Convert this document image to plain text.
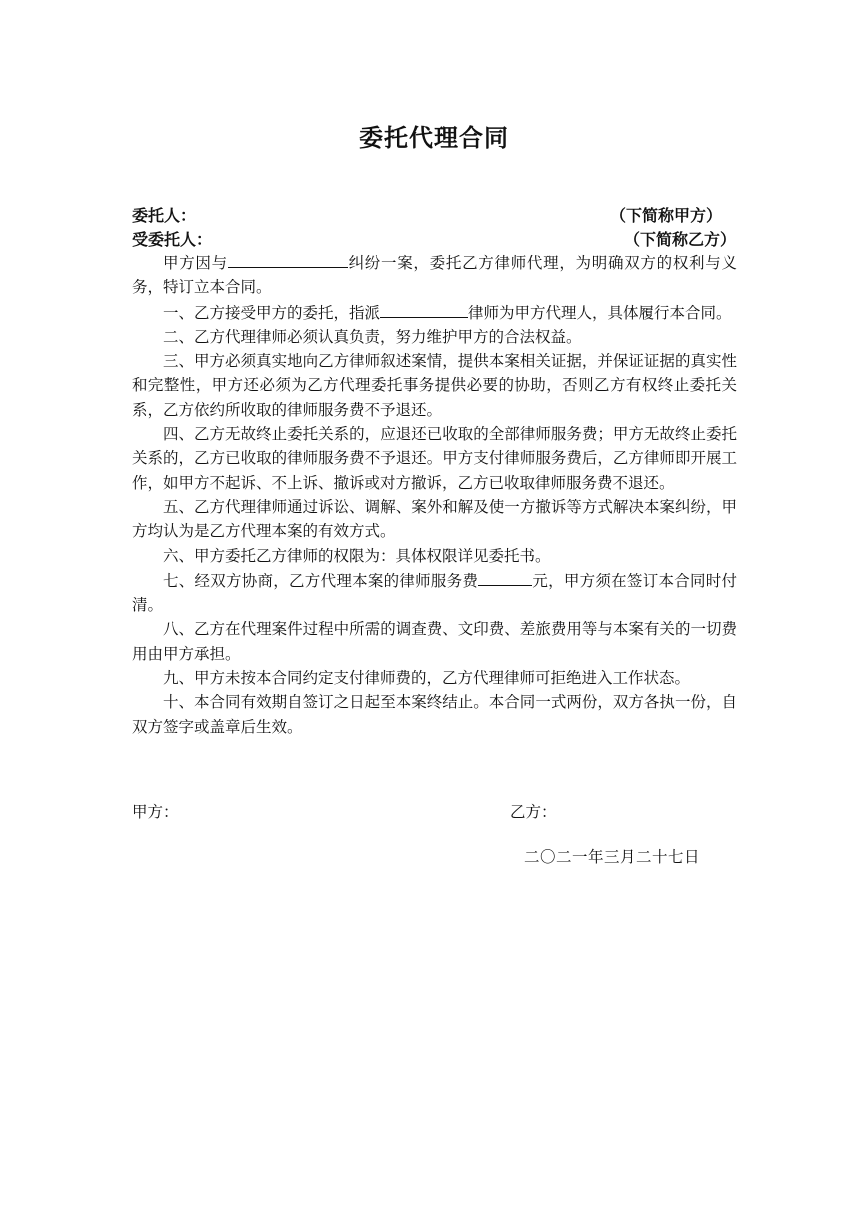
委托代理合同
委托人：	（下简称甲方）
受委托人：	（下简称乙方）

甲方因与	纠纷一案，委托乙方律师代理，为明确双方的权利与义务，特订立本合同。

一、乙方接受甲方的委托，指派	律师为甲方代理人，具体履行本合同。

二、乙方代理律师必须认真负责，努力维护甲方的合法权益。

三、甲方必须真实地向乙方律师叙述案情，提供本案相关证据，并保证证据的真实性和完整性，甲方还必须为乙方代理委托事务提供必要的协助，否则乙方有权终止委托关系，乙方依约所收取的律师服务费不予退还。

四、乙方无故终止委托关系的，应退还已收取的全部律师服务费；甲方无故终止委托关系的，乙方已收取的律师服务费不予退还。甲方支付律师服务费后，乙方律师即开展工作，如甲方不起诉、不上诉、撤诉或对方撤诉，乙方已收取律师服务费不退还。

五、乙方代理律师通过诉讼、调解、案外和解及使一方撤诉等方式解决本案纠纷，甲方均认为是乙方代理本案的有效方式。

六、甲方委托乙方律师的权限为：具体权限详见委托书。

七、经双方协商，乙方代理本案的律师服务费	元，甲方须在签订本合同时付清。

八、乙方在代理案件过程中所需的调查费、文印费、差旅费用等与本案有关的一切费用由甲方承担。

九、甲方未按本合同约定支付律师费的，乙方代理律师可拒绝进入工作状态。

十、本合同有效期自签订之日起至本案终结止。本合同一式两份，双方各执一份，自双方签字或盖章后生效。

甲方：	乙方：
二〇二一年三月二十七日
